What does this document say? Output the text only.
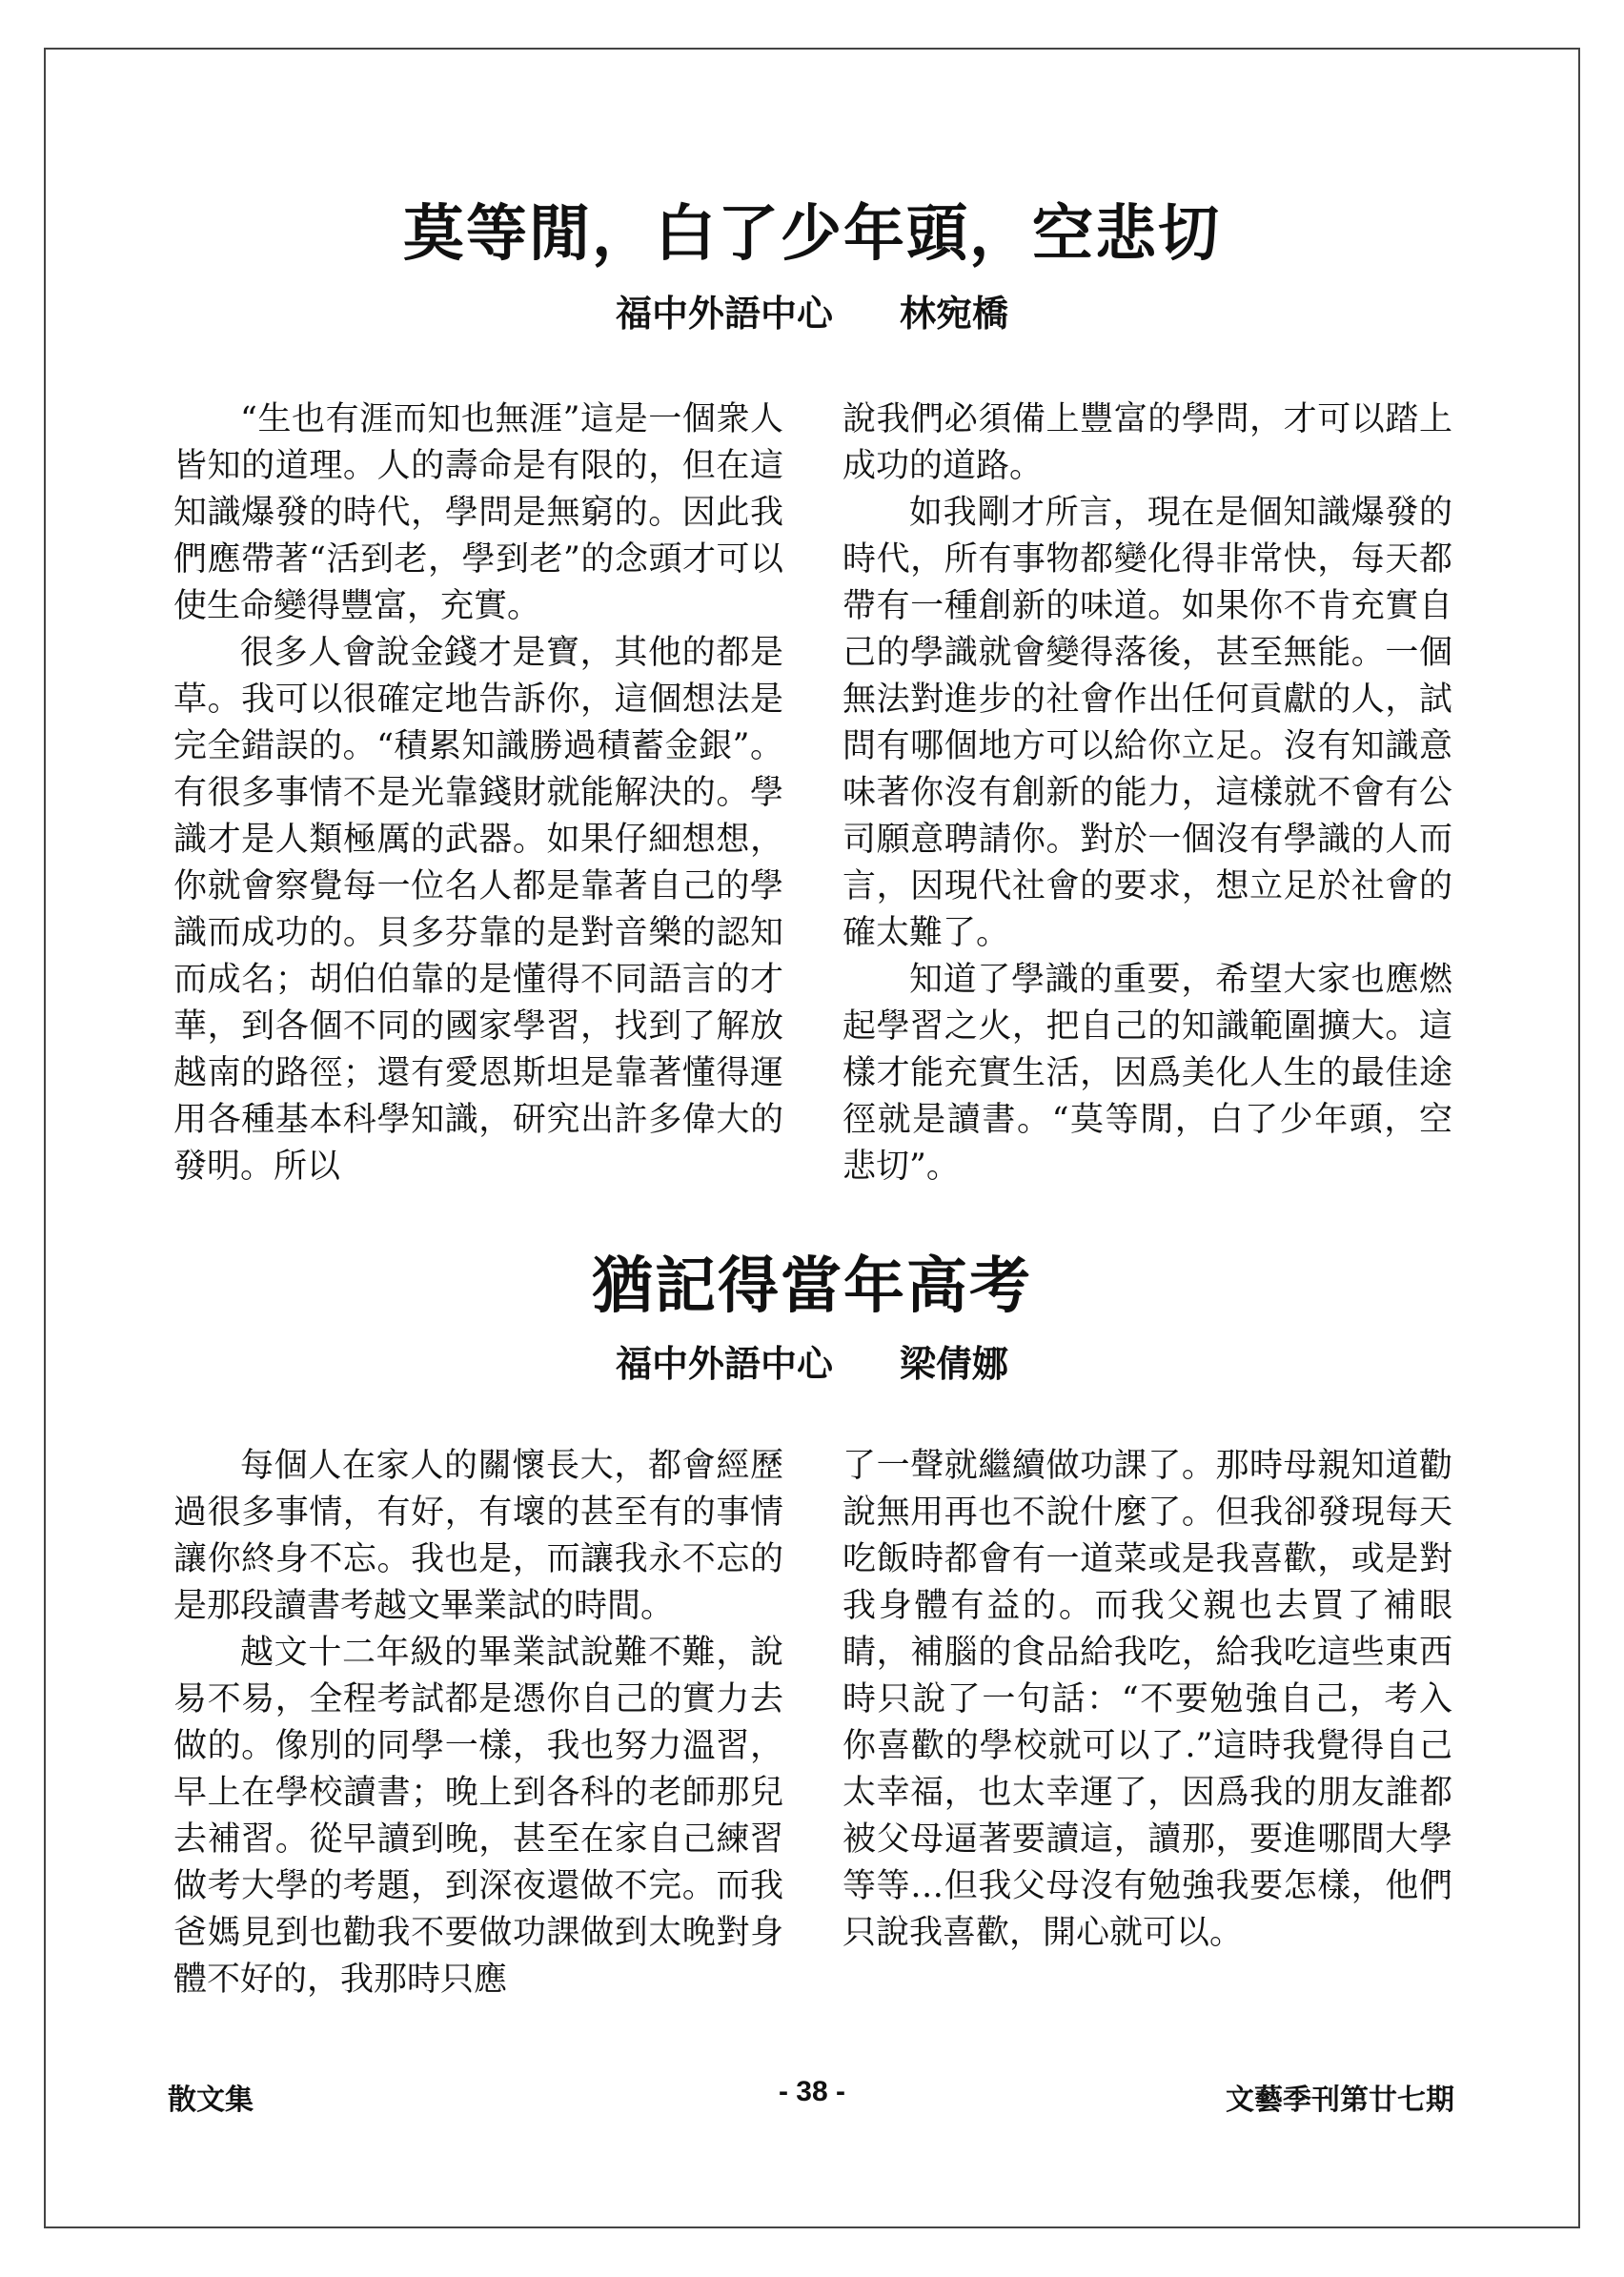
莫等閒，白了少年頭，空悲切
福中外語中心 林宛橋

“生也有涯而知也無涯”這是一個衆人皆知的道理。人的壽命是有限的，但在這知識爆發的時代，學問是無窮的。因此我們應帶著“活到老，學到老”的念頭才可以使生命變得豐富，充實。

很多人會說金錢才是寶，其他的都是草。我可以很確定地告訴你，這個想法是完全錯誤的。“積累知識勝過積蓄金銀”。有很多事情不是光靠錢財就能解決的。學識才是人類極厲的武器。如果仔細想想，你就會察覺每一位名人都是靠著自己的學識而成功的。貝多芬靠的是對音樂的認知而成名；胡伯伯靠的是懂得不同語言的才華，到各個不同的國家學習，找到了解放越南的路徑；還有愛恩斯坦是靠著懂得運用各種基本科學知識，研究出許多偉大的發明。所以

說我們必須備上豐富的學問，才可以踏上成功的道路。

如我剛才所言，現在是個知識爆發的時代，所有事物都變化得非常快，每天都帶有一種創新的味道。如果你不肯充實自己的學識就會變得落後，甚至無能。一個無法對進步的社會作出任何貢獻的人，試問有哪個地方可以給你立足。沒有知識意味著你沒有創新的能力，這樣就不會有公司願意聘請你。對於一個沒有學識的人而言，因現代社會的要求，想立足於社會的確太難了。

知道了學識的重要，希望大家也應燃起學習之火，把自己的知識範圍擴大。這樣才能充實生活，因爲美化人生的最佳途徑就是讀書。“莫等閒，白了少年頭，空悲切”。

猶記得當年高考
福中外語中心 梁倩娜

每個人在家人的關懷長大，都會經歷過很多事情，有好，有壞的甚至有的事情讓你終身不忘。我也是，而讓我永不忘的是那段讀書考越文畢業試的時間。

越文十二年級的畢業試說難不難，說易不易，全程考試都是憑你自己的實力去做的。像別的同學一樣，我也努力溫習，早上在學校讀書；晚上到各科的老師那兒去補習。從早讀到晚，甚至在家自己練習做考大學的考題，到深夜還做不完。而我爸媽見到也勸我不要做功課做到太晚對身體不好的，我那時只應

了一聲就繼續做功課了。那時母親知道勸說無用再也不說什麼了。但我卻發現每天吃飯時都會有一道菜或是我喜歡，或是對我身體有益的。而我父親也去買了補眼睛，補腦的食品給我吃，給我吃這些東西時只說了一句話：“不要勉強自己，考入你喜歡的學校就可以了.”這時我覺得自己太幸福，也太幸運了，因爲我的朋友誰都被父母逼著要讀這，讀那，要進哪間大學等等…但我父母沒有勉強我要怎樣，他們只說我喜歡，開心就可以。

散文集	- 38 -	文藝季刊第廿七期
